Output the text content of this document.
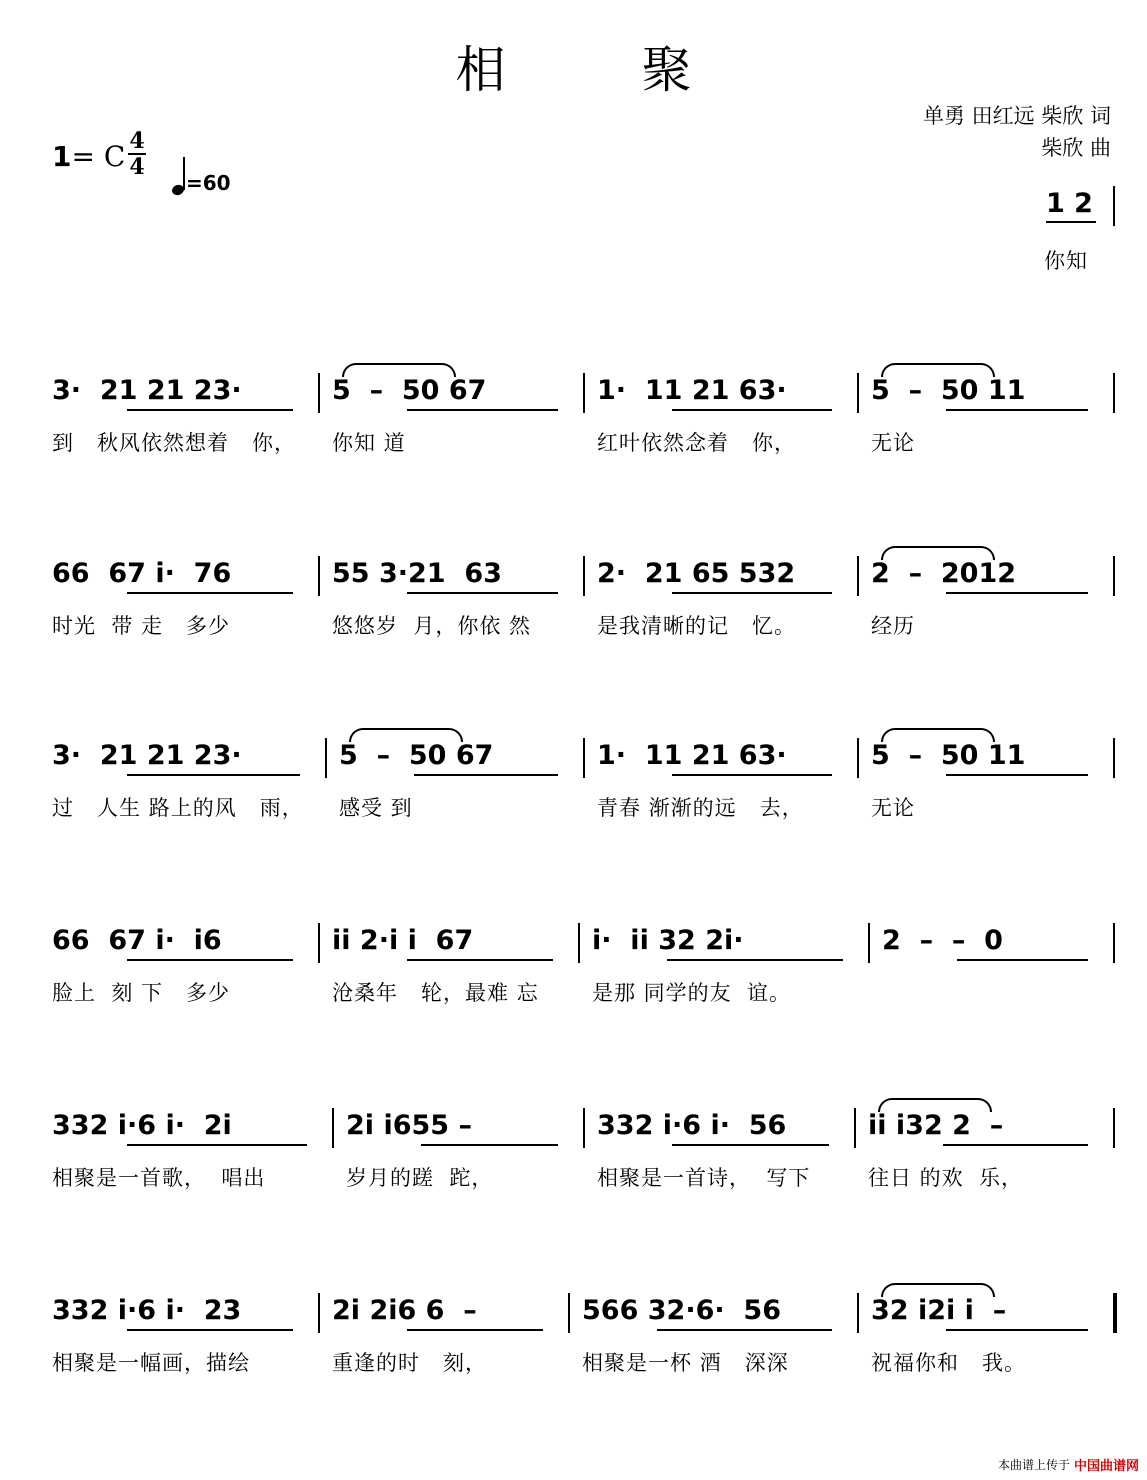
相 聚
1= C 4
4
=60
单勇 田红远 柴欣 词
柴欣 曲
1 2
你知
3·  21 21 23·
到   秋风依然想着   你，
5  –  50 67
你知 道
1·  11 21 63·
红叶依然念着   你，
5  –  50 11
无论
66  67 i·  76
时光  带 走   多少
55 3·21  63
悠悠岁  月，你依 然
2·  21 65 532
是我清晰的记   忆。
2  –  2012
经历
3·  21 21 23·
过   人生 路上的风   雨，
5  –  50 67
感受 到
1·  11 21 63·
青春 渐渐的远   去，
5  –  50 11
无论
66  67 i·  i6
脸上  刻 下   多少
ii 2·i i  67
沧桑年   轮，最难 忘
i·  ii 32 2i·
是那 同学的友  谊。
2  –  –  0
332 i·6 i·  2i
相聚是一首歌，  唱出
2i i655 –
岁月的蹉  跎，
332 i·6 i·  56
相聚是一首诗，  写下
ii i32 2  –
往日 的欢  乐，
332 i·6 i·  23
相聚是一幅画，描绘
2i 2i6 6  –
重逢的时   刻，
566 32·6·  56
相聚是一杯 酒   深深
32 i2i i  –
祝福你和   我。
本曲谱上传于 中国曲谱网
